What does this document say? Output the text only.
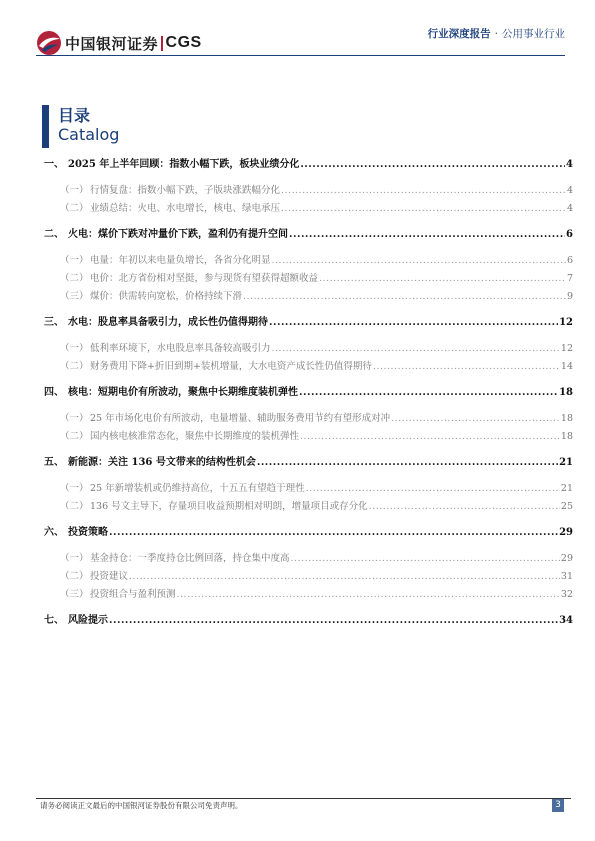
中国银河证券 CGS	行业深度报告 · 公用事业行业
目录
Catalog
一、 2025 年上半年回顾：指数小幅下跌，板块业绩分化 .....	4
（一） 行情复盘：指数小幅下跌，子版块涨跌幅分化 .....	4
（二） 业绩总结：火电、水电增长，核电、绿电承压 .....	4
二、 火电：煤价下跌对冲量价下跌，盈利仍有提升空间 .....	6
（一） 电量：年初以来电量负增长，各省分化明显 .....	6
（二） 电价：北方省份相对坚挺，参与现货有望获得超额收益 .....	7
（三） 煤价：供需转向宽松，价格持续下滑 .....	9
三、 水电：股息率具备吸引力，成长性仍值得期待 .....	12
（一） 低利率环境下，水电股息率具备较高吸引力 .....	12
（二） 财务费用下降+折旧到期+装机增量，大水电资产成长性仍值得期待 .....	14
四、 核电：短期电价有所波动，聚焦中长期维度装机弹性 .....	18
（一） 25 年市场化电价有所波动，电量增量、辅助服务费用节约有望形成对冲 .....	18
（二） 国内核电核准常态化，聚焦中长期维度的装机弹性 .....	18
五、 新能源：关注 136 号文带来的结构性机会 .....	21
（一） 25 年新增装机或仍维持高位，十五五有望趋于理性 .....	21
（二） 136 号文主导下，存量项目收益预期相对明朗，增量项目或存分化 .....	25
六、 投资策略 .....	29
（一） 基金持仓：一季度持仓比例回落，持仓集中度高 .....	29
（二） 投资建议 .....	31
（三） 投资组合与盈利预测 .....	32
七、 风险提示 .....	34
请务必阅读正文最后的中国银河证券股份有限公司免责声明。	3
